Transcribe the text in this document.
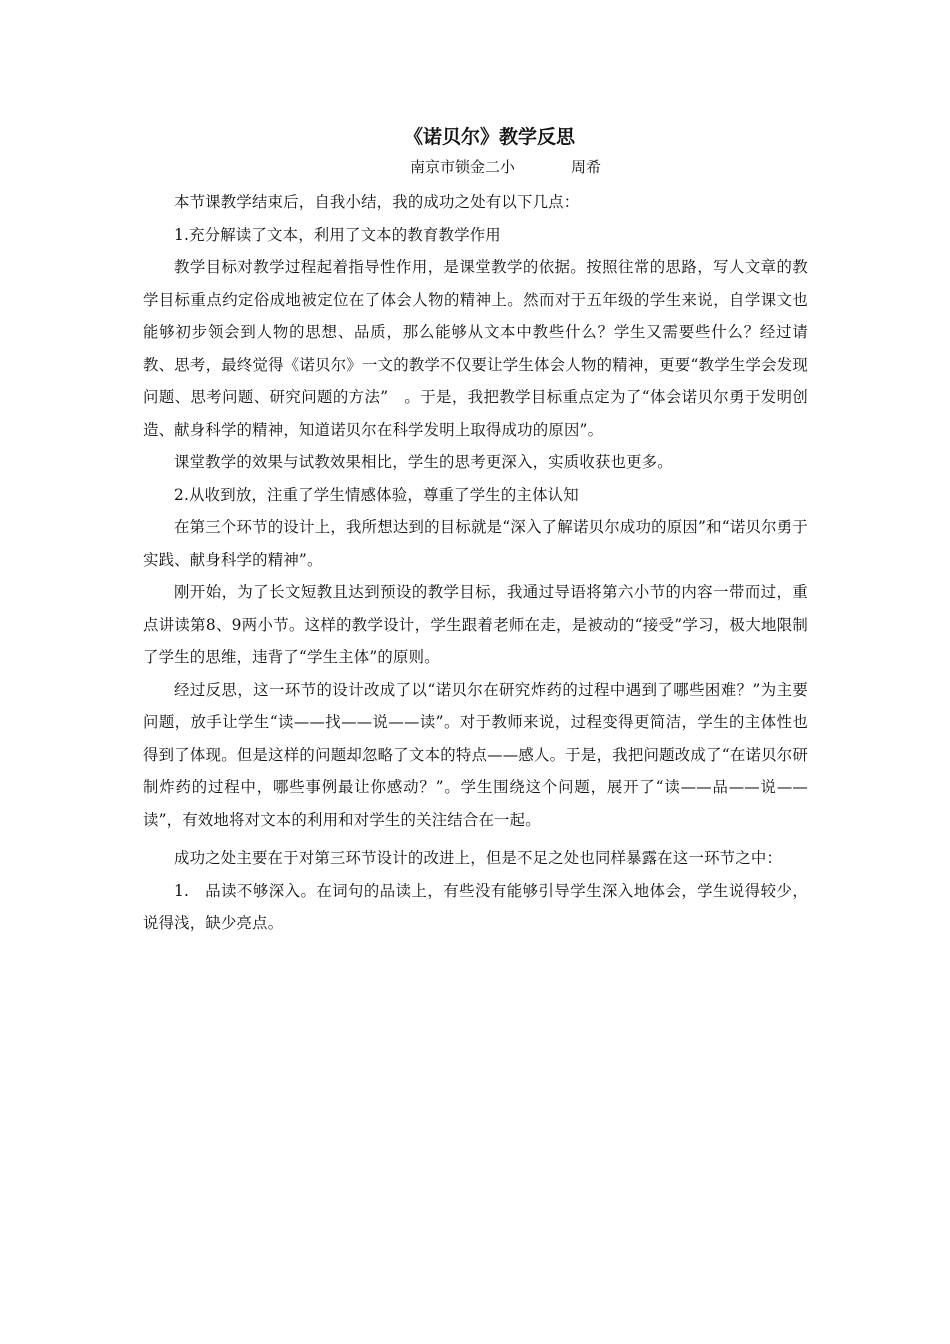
《诺贝尔》教学反思
南京市锁金二小	周希

本节课教学结束后，自我小结，我的成功之处有以下几点：

1.充分解读了文本，利用了文本的教育教学作用

教学目标对教学过程起着指导性作用，是课堂教学的依据。按照往常的思路，写人文章的教学目标重点约定俗成地被定位在了体会人物的精神上。然而对于五年级的学生来说，自学课文也能够初步领会到人物的思想、品质，那么能够从文本中教些什么？学生又需要些什么？经过请教、思考，最终觉得《诺贝尔》一文的教学不仅要让学生体会人物的精神，更要“教学生学会发现问题、思考问题、研究问题的方法”　。于是，我把教学目标重点定为了“体会诺贝尔勇于发明创造、献身科学的精神，知道诺贝尔在科学发明上取得成功的原因”。

课堂教学的效果与试教效果相比，学生的思考更深入，实质收获也更多。

2.从收到放，注重了学生情感体验，尊重了学生的主体认知

在第三个环节的设计上，我所想达到的目标就是“深入了解诺贝尔成功的原因”和“诺贝尔勇于实践、献身科学的精神”。

刚开始，为了长文短教且达到预设的教学目标，我通过导语将第六小节的内容一带而过，重点讲读第8、9两小节。这样的教学设计，学生跟着老师在走，是被动的“接受”学习，极大地限制了学生的思维，违背了“学生主体”的原则。

经过反思，这一环节的设计改成了以“诺贝尔在研究炸药的过程中遇到了哪些困难？”为主要问题，放手让学生“读——找——说——读”。对于教师来说，过程变得更简洁，学生的主体性也得到了体现。但是这样的问题却忽略了文本的特点——感人。于是，我把问题改成了“在诺贝尔研制炸药的过程中，哪些事例最让你感动？”。学生围绕这个问题，展开了“读——品——说——读”，有效地将对文本的利用和对学生的关注结合在一起。

成功之处主要在于对第三环节设计的改进上，但是不足之处也同样暴露在这一环节之中：

1.　品读不够深入。在词句的品读上，有些没有能够引导学生深入地体会，学生说得较少，说得浅，缺少亮点。
